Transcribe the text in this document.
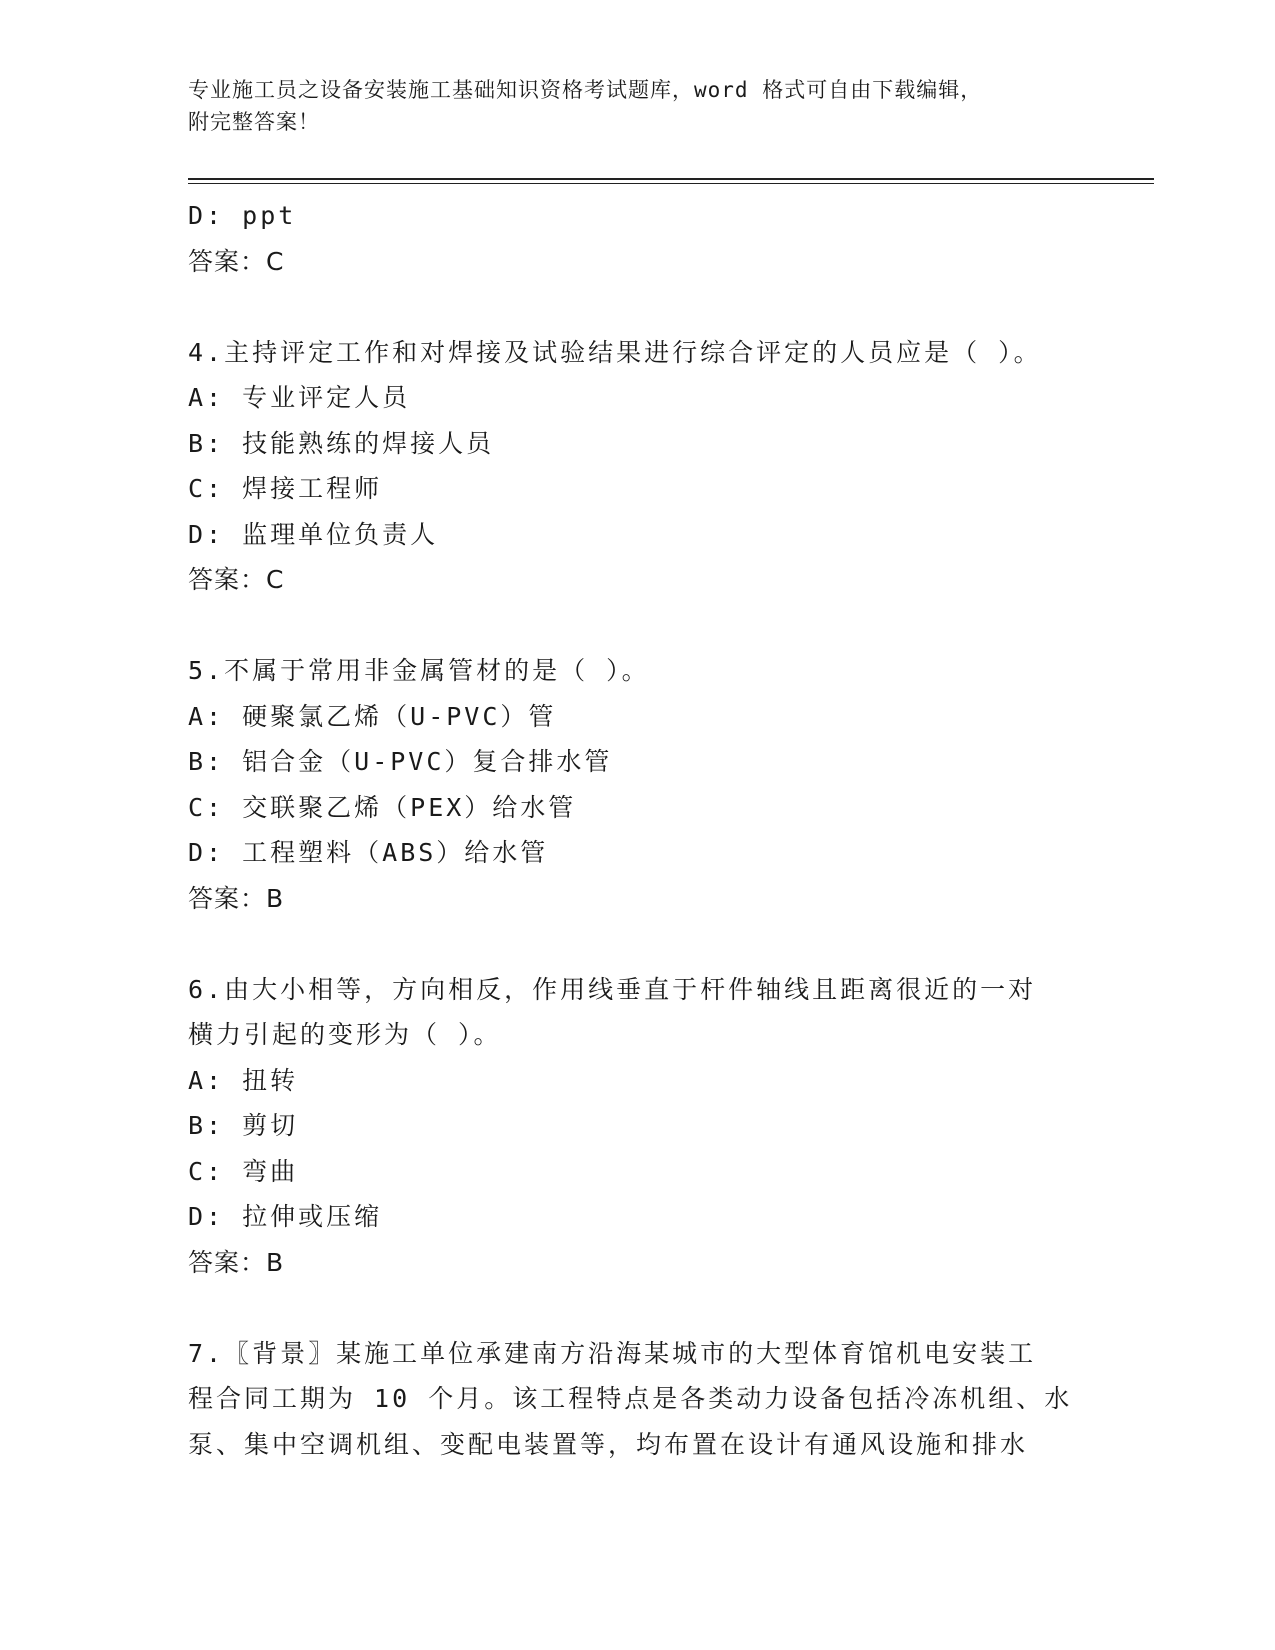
专业施工员之设备安装施工基础知识资格考试题库，word 格式可自由下载编辑，
附完整答案！
D: ppt
答案：C
4.主持评定工作和对焊接及试验结果进行综合评定的人员应是（ ）。
A: 专业评定人员
B: 技能熟练的焊接人员
C: 焊接工程师
D: 监理单位负责人
答案：C
5.不属于常用非金属管材的是（ ）。
A: 硬聚氯乙烯（U-PVC）管
B: 铝合金（U-PVC）复合排水管
C: 交联聚乙烯（PEX）给水管
D: 工程塑料（ABS）给水管
答案：B
6.由大小相等，方向相反，作用线垂直于杆件轴线且距离很近的一对
横力引起的变形为（ ）。
A: 扭转
B: 剪切
C: 弯曲
D: 拉伸或压缩
答案：B
7.〖背景〗某施工单位承建南方沿海某城市的大型体育馆机电安装工
程合同工期为 10 个月。该工程特点是各类动力设备包括冷冻机组、水
泵、集中空调机组、变配电装置等，均布置在设计有通风设施和排水
